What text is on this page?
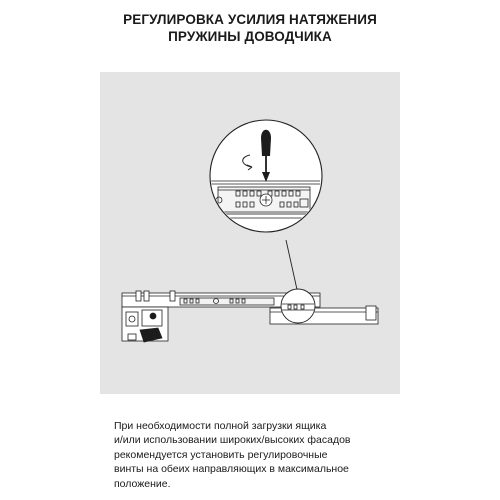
РЕГУЛИРОВКА УСИЛИЯ НАТЯЖЕНИЯ
ПРУЖИНЫ ДОВОДЧИКА

При необходимости полной загрузки ящика
и/или использовании широких/высоких фасадов
рекомендуется установить регулировочные
винты на обеих направляющих в максимальное
положение.
